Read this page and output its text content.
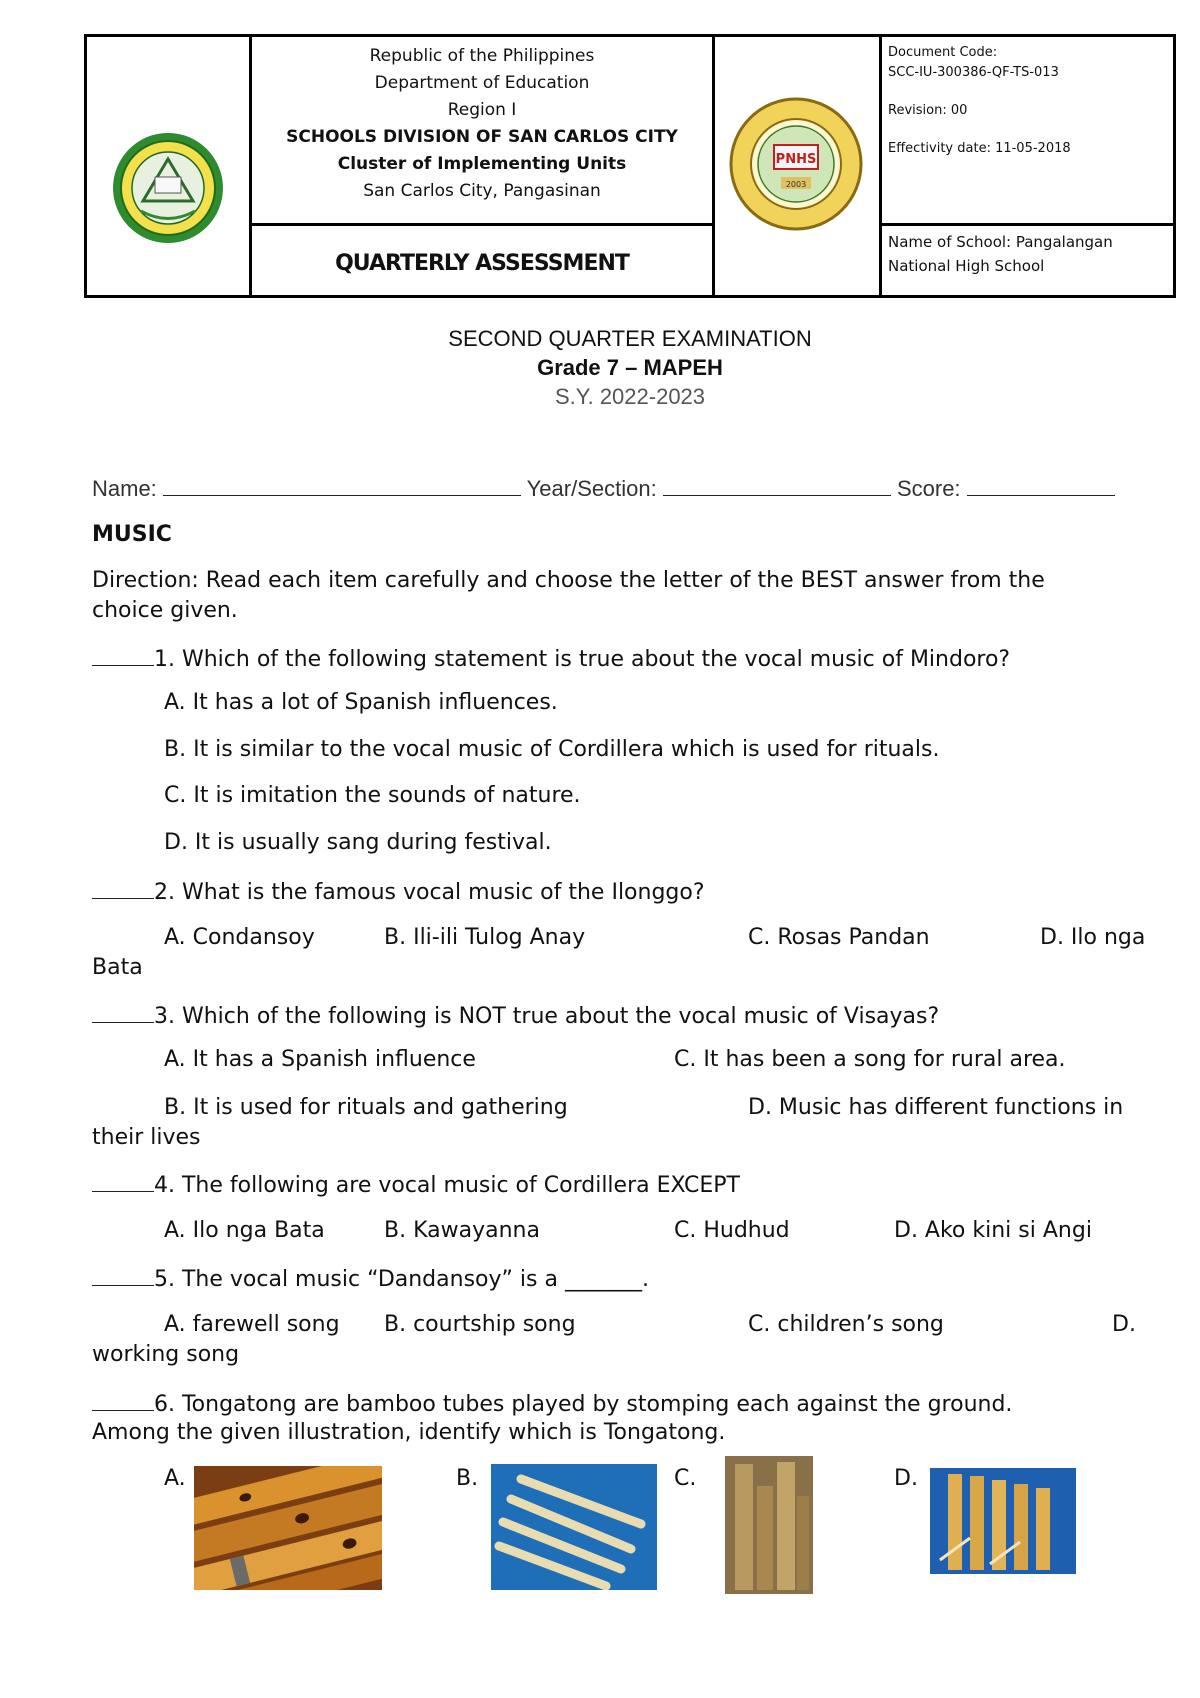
Republic of the Philippines
Department of Education
Region I
SCHOOLS DIVISION OF SAN CARLOS CITY
Cluster of Implementing Units
San Carlos City, Pangasinan
QUARTERLY ASSESSMENT
PNHS
2003
Document Code:
SCC-IU-300386-QF-TS-013
Revision: 00
Effectivity date: 11-05-2018
Name of School: Pangalangan
National High School
SECOND QUARTER EXAMINATION
Grade 7 – MAPEH
S.Y. 2022-2023
Name:	Year/Section:	Score:
MUSIC
Direction: Read each item carefully and choose the letter of the BEST answer from the
choice given.
1. Which of the following statement is true about the vocal music of Mindoro?
A. It has a lot of Spanish influences.
B. It is similar to the vocal music of Cordillera which is used for rituals.
C. It is imitation the sounds of nature.
D. It is usually sang during festival.
2. What is the famous vocal music of the Ilonggo?
A. Condansoy	B. Ili-ili Tulog Anay	C. Rosas Pandan	D. Ilo nga
Bata
3. Which of the following is NOT true about the vocal music of Visayas?
A. It has a Spanish influence	C. It has been a song for rural area.
B. It is used for rituals and gathering	D. Music has different functions in
their lives
4. The following are vocal music of Cordillera EXCEPT
A. Ilo nga Bata	B. Kawayanna	C. Hudhud	D. Ako kini si Angi
5. The vocal music “Dandansoy” is a _______.
A. farewell song B. courtship song	C. children’s song	D.
working song
6. Tongatong are bamboo tubes played by stomping each against the ground.
Among the given illustration, identify which is Tongatong.
A.	B.	C.	D.
